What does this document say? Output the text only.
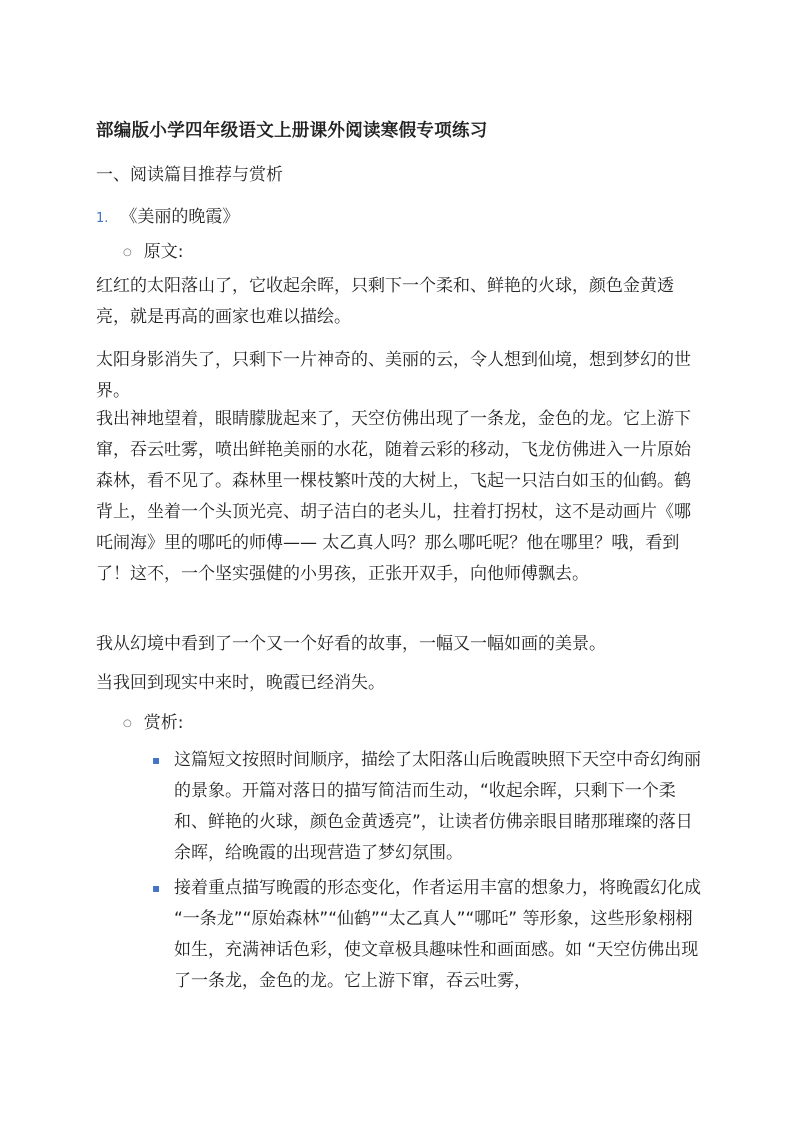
部编版小学四年级语文上册课外阅读寒假专项练习
一、阅读篇目推荐与赏析
1. 《美丽的晚霞》
○ 原文:

红红的太阳落山了，它收起余晖，只剩下一个柔和、鲜艳的火球，颜色金黄透亮，就是再高的画家也难以描绘。

太阳身影消失了，只剩下一片神奇的、美丽的云，令人想到仙境，想到梦幻的世界。

我出神地望着，眼睛朦胧起来了，天空仿佛出现了一条龙，金色的龙。它上游下窜，吞云吐雾，喷出鲜艳美丽的水花，随着云彩的移动，飞龙仿佛进入一片原始森林，看不见了。森林里一棵枝繁叶茂的大树上，飞起一只洁白如玉的仙鹤。鹤背上，坐着一个头顶光亮、胡子洁白的老头儿，拄着打拐杖，这不是动画片《哪吒闹海》里的哪吒的师傅—— 太乙真人吗？那么哪吒呢？他在哪里？哦，看到了！这不，一个坚实强健的小男孩，正张开双手，向他师傅飘去。

我从幻境中看到了一个又一个好看的故事，一幅又一幅如画的美景。

当我回到现实中来时，晚霞已经消失。

○ 赏析:
▪ 这篇短文按照时间顺序，描绘了太阳落山后晚霞映照下天空中奇幻绚丽的景象。开篇对落日的描写简洁而生动，“收起余晖，只剩下一个柔和、鲜艳的火球，颜色金黄透亮”，让读者仿佛亲眼目睹那璀璨的落日余晖，给晚霞的出现营造了梦幻氛围。
▪ 接着重点描写晚霞的形态变化，作者运用丰富的想象力，将晚霞幻化成 “一条龙”“原始森林”“仙鹤”“太乙真人”“哪吒” 等形象，这些形象栩栩如生，充满神话色彩，使文章极具趣味性和画面感。如 “天空仿佛出现了一条龙，金色的龙。它上游下窜，吞云吐雾，
